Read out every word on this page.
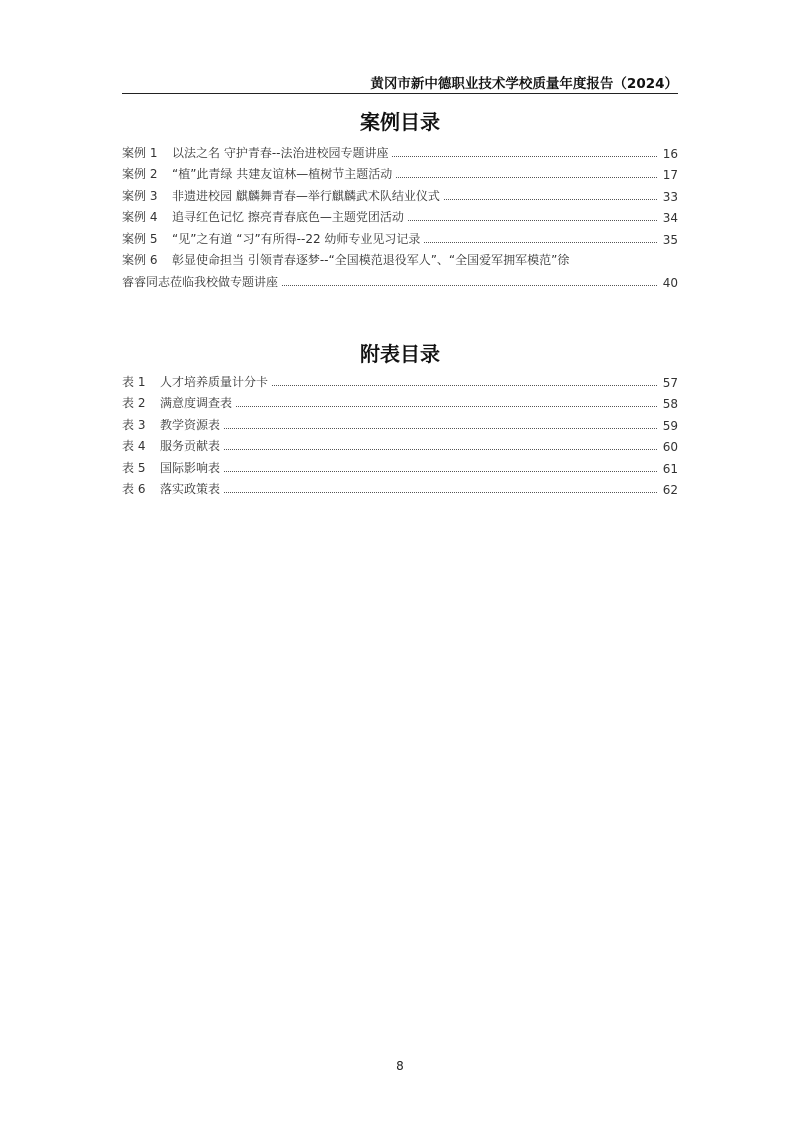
黄冈市新中德职业技术学校质量年度报告（2024）
案例目录
案例 1	以法之名 守护青春--法治进校园专题讲座	16
案例 2	“植”此青绿 共建友谊林—植树节主题活动	17
案例 3	非遗进校园 麒麟舞青春—举行麒麟武术队结业仪式	33
案例 4	追寻红色记忆 擦亮青春底色—主题党团活动	34
案例 5	“见”之有道 “习”有所得--22 幼师专业见习记录	35
案例 6	彰显使命担当 引领青春逐梦--“全国模范退役军人”、“全国爱军拥军模范”徐
睿睿同志莅临我校做专题讲座	40
附表目录
表 1	人才培养质量计分卡	57
表 2	满意度调查表	58
表 3	教学资源表	59
表 4	服务贡献表	60
表 5	国际影响表	61
表 6	落实政策表	62
8
